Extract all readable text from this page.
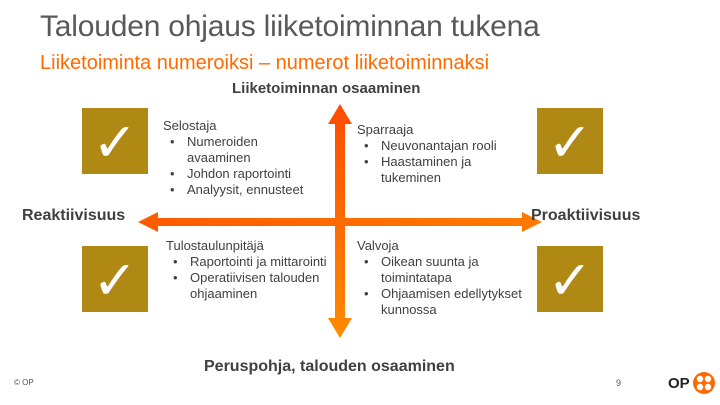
Talouden ohjaus liiketoiminnan tukena
Liiketoiminta numeroiksi – numerot liiketoiminnaksi
Liiketoiminnan osaaminen
Reaktiivisuus	Proaktiivisuus
Peruspohja, talouden osaaminen
✓	✓
✓	✓
Selostaja
• Numeroiden avaaminen
• Johdon raportointi
• Analyysit, ennusteet
Sparraaja
• Neuvonantajan rooli
• Haastaminen ja tukeminen
Tulostaulunpitäjä
• Raportointi ja mittarointi
• Operatiivisen talouden ohjaaminen
Valvoja
• Oikean suunta ja toimintatapa
• Ohjaamisen edellytykset kunnossa
© OP	9	OP
